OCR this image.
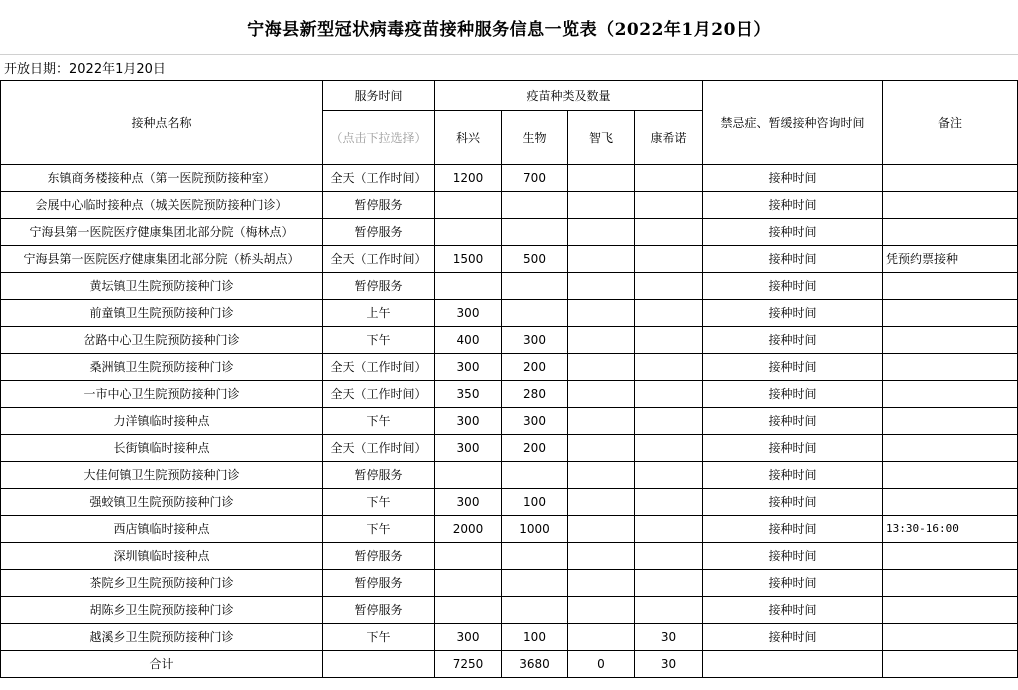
宁海县新型冠状病毒疫苗接种服务信息一览表（2022年1月20日）
开放日期：2022年1月20日
接种点名称	服务时间	疫苗种类及数量				禁忌症、暂缓接种咨询时间	备注
	（点击下拉选择）	科兴	生物	智飞	康希诺		
东镇商务楼接种点（第一医院预防接种室）	全天（工作时间）	1200	700			接种时间	
会展中心临时接种点（城关医院预防接种门诊）	暂停服务					接种时间	
宁海县第一医院医疗健康集团北部分院（梅林点）	暂停服务					接种时间	
宁海县第一医院医疗健康集团北部分院（桥头胡点）	全天（工作时间）	1500	500			接种时间	凭预约票接种
黄坛镇卫生院预防接种门诊	暂停服务					接种时间	
前童镇卫生院预防接种门诊	上午	300				接种时间	
岔路中心卫生院预防接种门诊	下午	400	300			接种时间	
桑洲镇卫生院预防接种门诊	全天（工作时间）	300	200			接种时间	
一市中心卫生院预防接种门诊	全天（工作时间）	350	280			接种时间	
力洋镇临时接种点	下午	300	300			接种时间	
长街镇临时接种点	全天（工作时间）	300	200			接种时间	
大佳何镇卫生院预防接种门诊	暂停服务					接种时间	
强蛟镇卫生院预防接种门诊	下午	300	100			接种时间	
西店镇临时接种点	下午	2000	1000			接种时间	13:30-16:00
深圳镇临时接种点	暂停服务					接种时间	
茶院乡卫生院预防接种门诊	暂停服务					接种时间	
胡陈乡卫生院预防接种门诊	暂停服务					接种时间	
越溪乡卫生院预防接种门诊	下午	300	100		30	接种时间	
合计		7250	3680	0	30		
